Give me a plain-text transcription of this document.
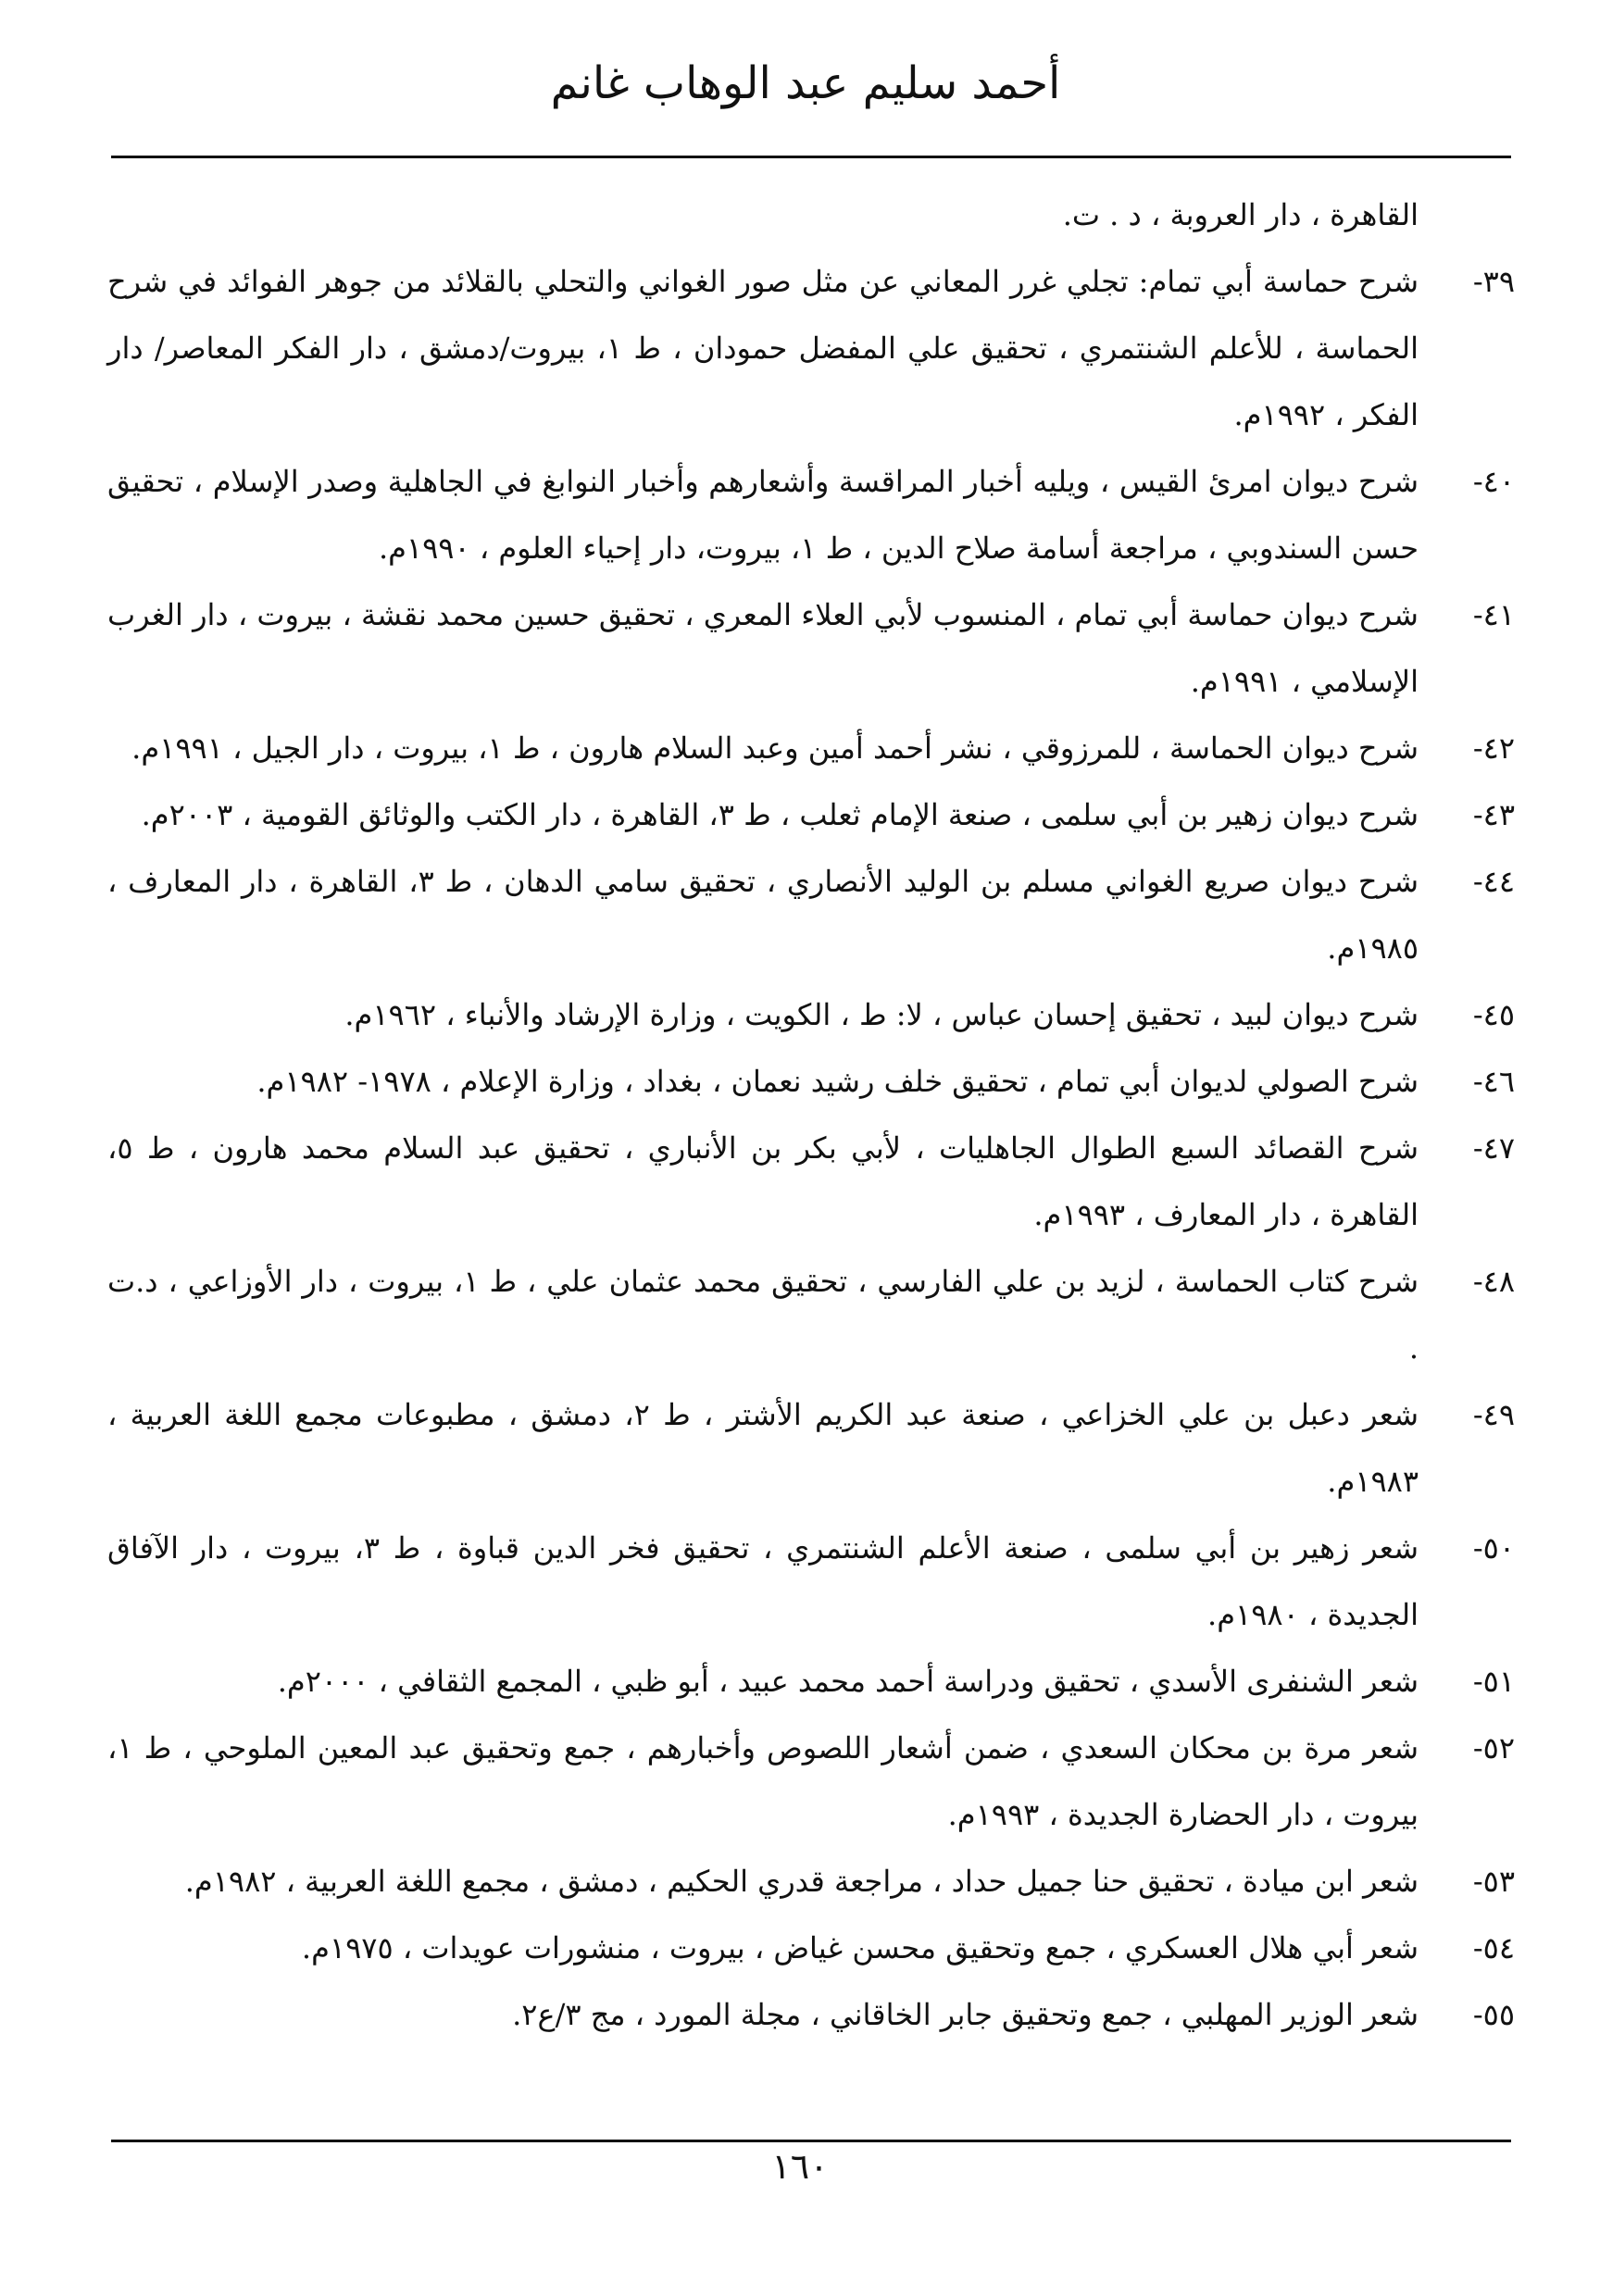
أحمد سليم عبد الوهاب غانم
القاهرة ، دار العروبة ، د . ت.
٣٩-
شرح حماسة أبي تمام: تجلي غرر المعاني عن مثل صور الغواني والتحلي بالقلائد من جوهر الفوائد في شرح الحماسة ، للأعلم الشنتمري ، تحقيق علي المفضل حمودان ، ط ١، بيروت/دمشق ، دار الفكر المعاصر/ دار الفكر ، ١٩٩٢م.
٤٠-
شرح ديوان امرئ القيس ، ويليه أخبار المراقسة وأشعارهم وأخبار النوابغ في الجاهلية وصدر الإسلام ، تحقيق حسن السندوبي ، مراجعة أسامة صلاح الدين ، ط ١، بيروت، دار إحياء العلوم ، ١٩٩٠م.
٤١-
شرح ديوان حماسة أبي تمام ، المنسوب لأبي العلاء المعري ، تحقيق حسين محمد نقشة ، بيروت ، دار الغرب الإسلامي ، ١٩٩١م.
٤٢-
شرح ديوان الحماسة ، للمرزوقي ، نشر أحمد أمين وعبد السلام هارون ، ط ١، بيروت ، دار الجيل ، ١٩٩١م.
٤٣-
شرح ديوان زهير بن أبي سلمى ، صنعة الإمام ثعلب ، ط ٣، القاهرة ، دار الكتب والوثائق القومية ، ٢٠٠٣م.
٤٤-
شرح ديوان صريع الغواني مسلم بن الوليد الأنصاري ، تحقيق سامي الدهان ، ط ٣، القاهرة ، دار المعارف ، ١٩٨٥م.
٤٥-
شرح ديوان لبيد ، تحقيق إحسان عباس ، لا: ط ، الكويت ، وزارة الإرشاد والأنباء ، ١٩٦٢م.
٤٦-
شرح الصولي لديوان أبي تمام ، تحقيق خلف رشيد نعمان ، بغداد ، وزارة الإعلام ، ١٩٧٨- ١٩٨٢م.
٤٧-
شرح القصائد السبع الطوال الجاهليات ، لأبي بكر بن الأنباري ، تحقيق عبد السلام محمد هارون ، ط ٥، القاهرة ، دار المعارف ، ١٩٩٣م.
٤٨-
شرح كتاب الحماسة ، لزيد بن علي الفارسي ، تحقيق محمد عثمان علي ، ط ١، بيروت ، دار الأوزاعي ، د.ت .
٤٩-
شعر دعبل بن علي الخزاعي ، صنعة عبد الكريم الأشتر ، ط ٢، دمشق ، مطبوعات مجمع اللغة العربية ، ١٩٨٣م.
٥٠-
شعر زهير بن أبي سلمى ، صنعة الأعلم الشنتمري ، تحقيق فخر الدين قباوة ، ط ٣، بيروت ، دار الآفاق الجديدة ، ١٩٨٠م.
٥١-
شعر الشنفرى الأسدي ، تحقيق ودراسة أحمد محمد عبيد ، أبو ظبي ، المجمع الثقافي ، ٢٠٠٠م.
٥٢-
شعر مرة بن محكان السعدي ، ضمن أشعار اللصوص وأخبارهم ، جمع وتحقيق عبد المعين الملوحي ، ط ١، بيروت ، دار الحضارة الجديدة ، ١٩٩٣م.
٥٣-
شعر ابن ميادة ، تحقيق حنا جميل حداد ، مراجعة قدري الحكيم ، دمشق ، مجمع اللغة العربية ، ١٩٨٢م.
٥٤-
شعر أبي هلال العسكري ، جمع وتحقيق محسن غياض ، بيروت ، منشورات عويدات ، ١٩٧٥م.
٥٥-
شعر الوزير المهلبي ، جمع وتحقيق جابر الخاقاني ، مجلة المورد ، مج ٣/ع٢.
١٦٠
